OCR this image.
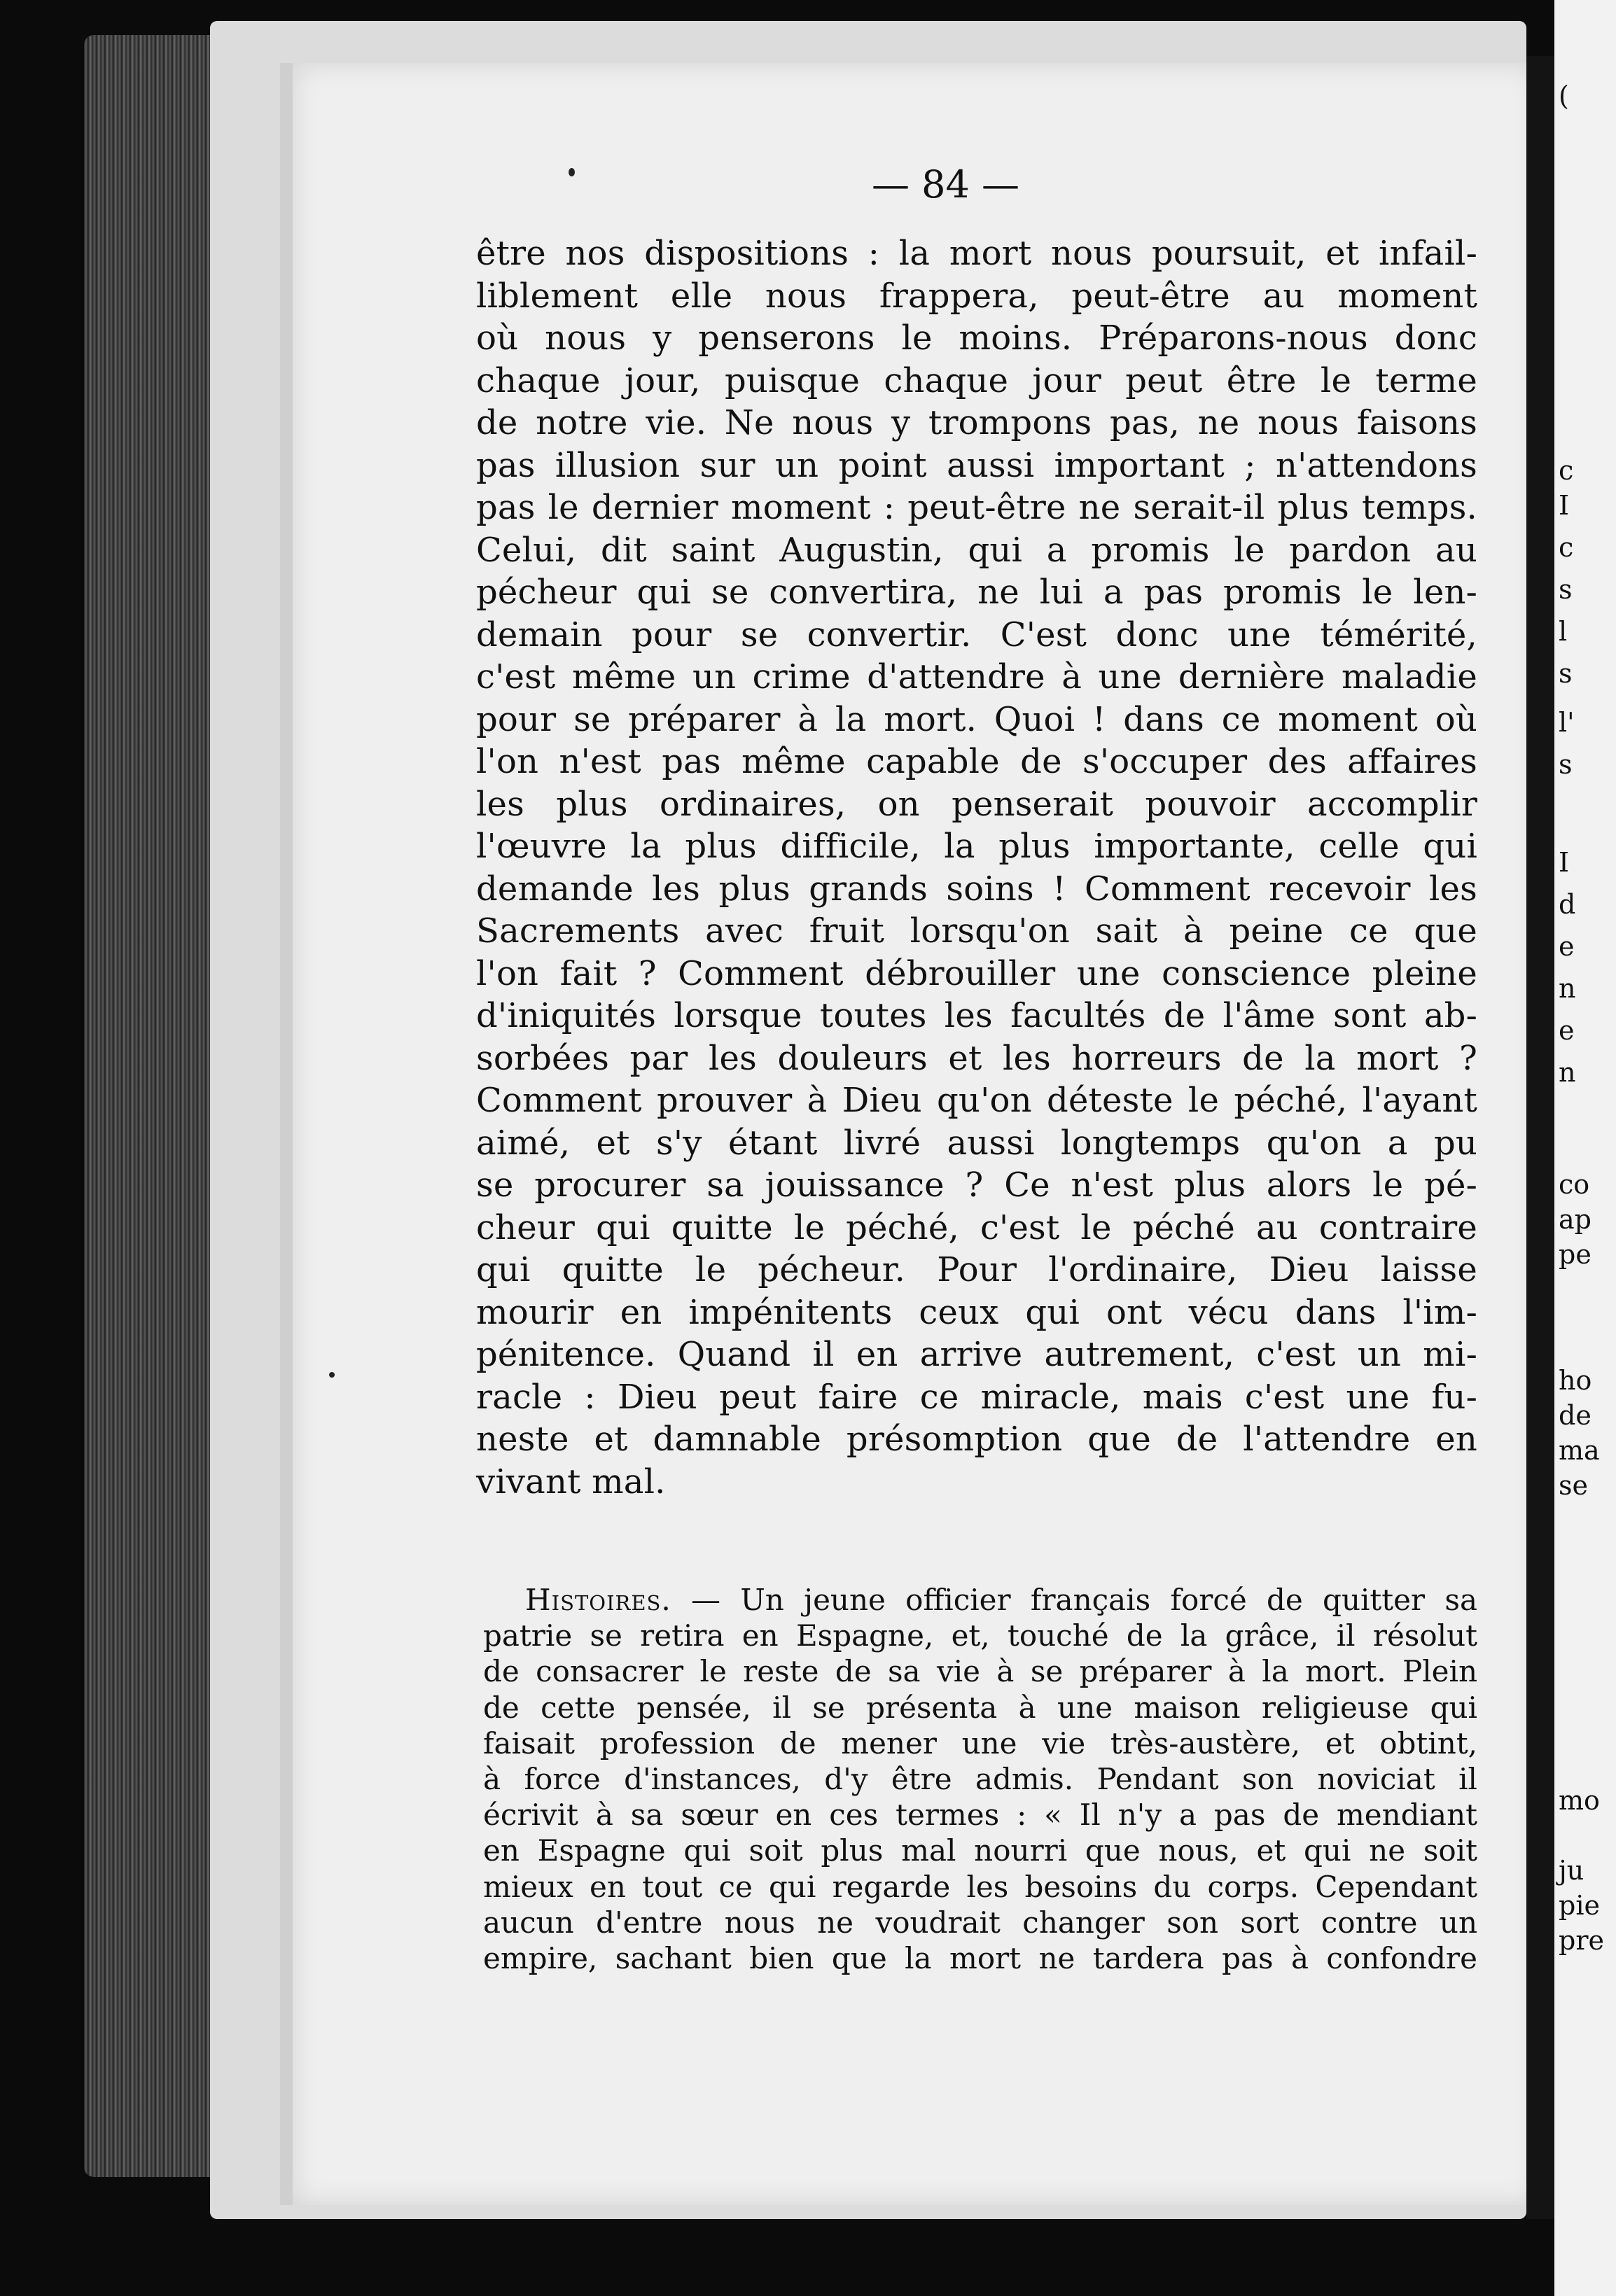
(
c
I
c
s
l
s
l'
s
I
d
e
n
e
n
co
ap
pe
ho
de
ma
se
mo
ju
pie
pre
— 84 —
être nos dispositions : la mort nous poursuit, et infail-
liblement elle nous frappera, peut-être au moment
où nous y penserons le moins. Préparons-nous donc
chaque jour, puisque chaque jour peut être le terme
de notre vie. Ne nous y trompons pas, ne nous faisons
pas illusion sur un point aussi important ; n'attendons
pas le dernier moment : peut-être ne serait-il plus temps.
Celui, dit saint Augustin, qui a promis le pardon au
pécheur qui se convertira, ne lui a pas promis le len-
demain pour se convertir. C'est donc une témérité,
c'est même un crime d'attendre à une dernière maladie
pour se préparer à la mort. Quoi ! dans ce moment où
l'on n'est pas même capable de s'occuper des affaires
les plus ordinaires, on penserait pouvoir accomplir
l'œuvre la plus difficile, la plus importante, celle qui
demande les plus grands soins ! Comment recevoir les
Sacrements avec fruit lorsqu'on sait à peine ce que
l'on fait ? Comment débrouiller une conscience pleine
d'iniquités lorsque toutes les facultés de l'âme sont ab-
sorbées par les douleurs et les horreurs de la mort ?
Comment prouver à Dieu qu'on déteste le péché, l'ayant
aimé, et s'y étant livré aussi longtemps qu'on a pu
se procurer sa jouissance ? Ce n'est plus alors le pé-
cheur qui quitte le péché, c'est le péché au contraire
qui quitte le pécheur. Pour l'ordinaire, Dieu laisse
mourir en impénitents ceux qui ont vécu dans l'im-
pénitence. Quand il en arrive autrement, c'est un mi-
racle : Dieu peut faire ce miracle, mais c'est une fu-
neste et damnable présomption que de l'attendre en
vivant mal.
Histoires. — Un jeune officier français forcé de quitter sa
patrie se retira en Espagne, et, touché de la grâce, il résolut
de consacrer le reste de sa vie à se préparer à la mort. Plein
de cette pensée, il se présenta à une maison religieuse qui
faisait profession de mener une vie très-austère, et obtint,
à force d'instances, d'y être admis. Pendant son noviciat il
écrivit à sa sœur en ces termes : « Il n'y a pas de mendiant
en Espagne qui soit plus mal nourri que nous, et qui ne soit
mieux en tout ce qui regarde les besoins du corps. Cependant
aucun d'entre nous ne voudrait changer son sort contre un
empire, sachant bien que la mort ne tardera pas à confondre
